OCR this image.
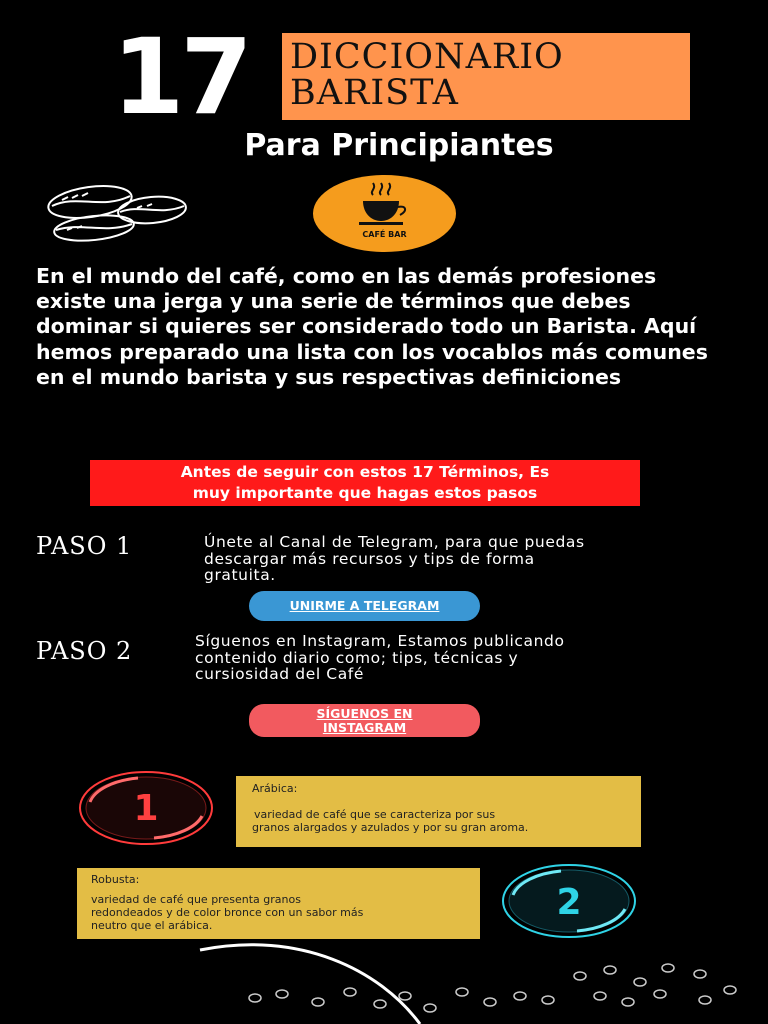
17 DICCIONARIO
BARISTA
Para Principiantes
CAFÉ BAR
En el mundo del café, como en las demás profesiones existe una jerga y una serie de términos que debes dominar si quieres ser considerado todo un Barista. Aquí hemos preparado una lista con los vocablos más comunes en el mundo barista y sus respectivas definiciones
Antes de seguir con estos 17 Términos, Es
muy importante que hagas estos pasos
PASO 1	Únete al Canal de Telegram, para que puedas
descargar más recursos y tips de forma
gratuita.
UNIRME A TELEGRAM
PASO 2	Síguenos en Instagram, Estamos publicando
contenido diario como; tips, técnicas y
cursiosidad del Café
SÍGUENOS EN
INSTAGRAM
1	Arábica:
variedad de café que se caracteriza por sus
granos alargados y azulados y por su gran aroma.
Robusta:
variedad de café que presenta granos
redondeados y de color bronce con un sabor más
neutro que el arábica.
2
